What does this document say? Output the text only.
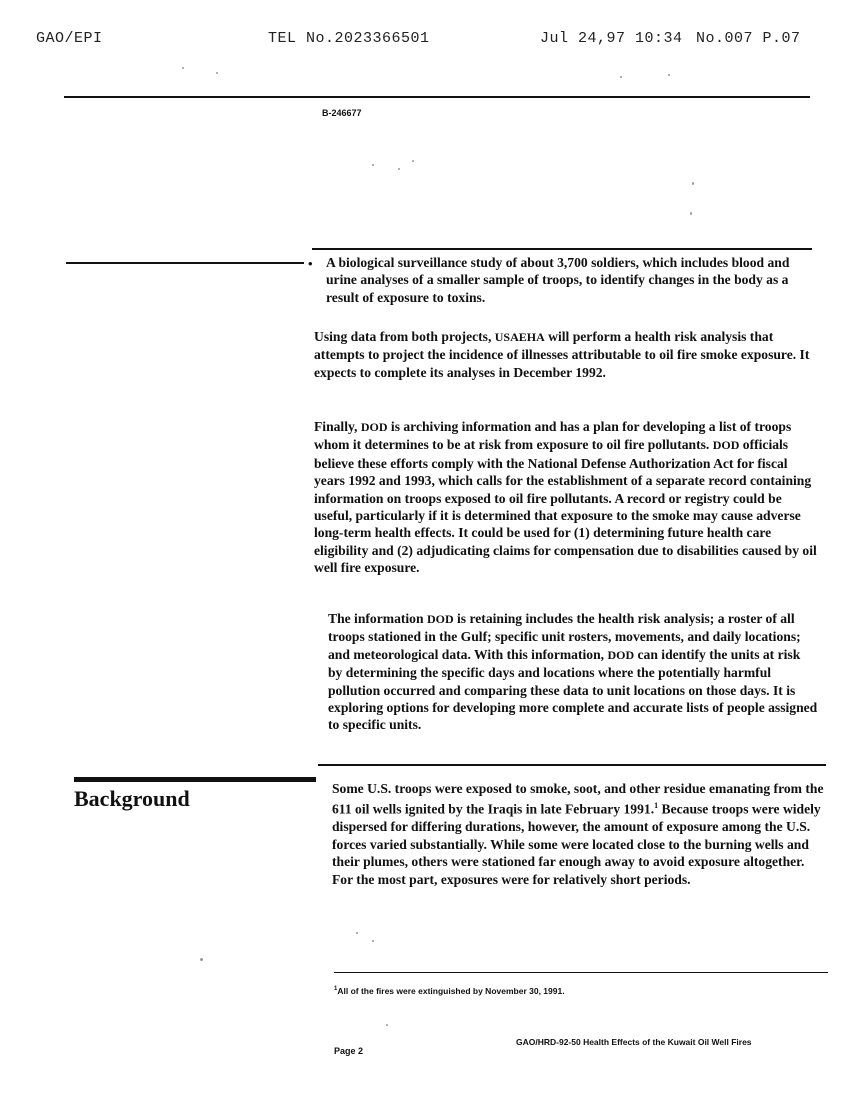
GAO/EPI	TEL No.2023366501	Jul 24,97 10:34 No.007 P.07
B-246677
• A biological surveillance study of about 3,700 soldiers, which includes blood and urine analyses of a smaller sample of troops, to identify changes in the body as a result of exposure to toxins.

Using data from both projects, USAEHA will perform a health risk analysis that attempts to project the incidence of illnesses attributable to oil fire smoke exposure. It expects to complete its analyses in December 1992.

Finally, DOD is archiving information and has a plan for developing a list of troops whom it determines to be at risk from exposure to oil fire pollutants. DOD officials believe these efforts comply with the National Defense Authorization Act for fiscal years 1992 and 1993, which calls for the establishment of a separate record containing information on troops exposed to oil fire pollutants. A record or registry could be useful, particularly if it is determined that exposure to the smoke may cause adverse long-term health effects. It could be used for (1) determining future health care eligibility and (2) adjudicating claims for compensation due to disabilities caused by oil well fire exposure.

The information DOD is retaining includes the health risk analysis; a roster of all troops stationed in the Gulf; specific unit rosters, movements, and daily locations; and meteorological data. With this information, DOD can identify the units at risk by determining the specific days and locations where the potentially harmful pollution occurred and comparing these data to unit locations on those days. It is exploring options for developing more complete and accurate lists of people assigned to specific units.

Background	Some U.S. troops were exposed to smoke, soot, and other residue emanating from the 611 oil wells ignited by the Iraqis in late February 1991.$^1$ Because troops were widely dispersed for differing durations, however, the amount of exposure among the U.S. forces varied substantially. While some were located close to the burning wells and their plumes, others were stationed far enough away to avoid exposure altogether. For the most part, exposures were for relatively short periods.

$^1$All of the fires were extinguished by November 30, 1991.
Page 2
GAO/HRD-92-50 Health Effects of the Kuwait Oil Well Fires
